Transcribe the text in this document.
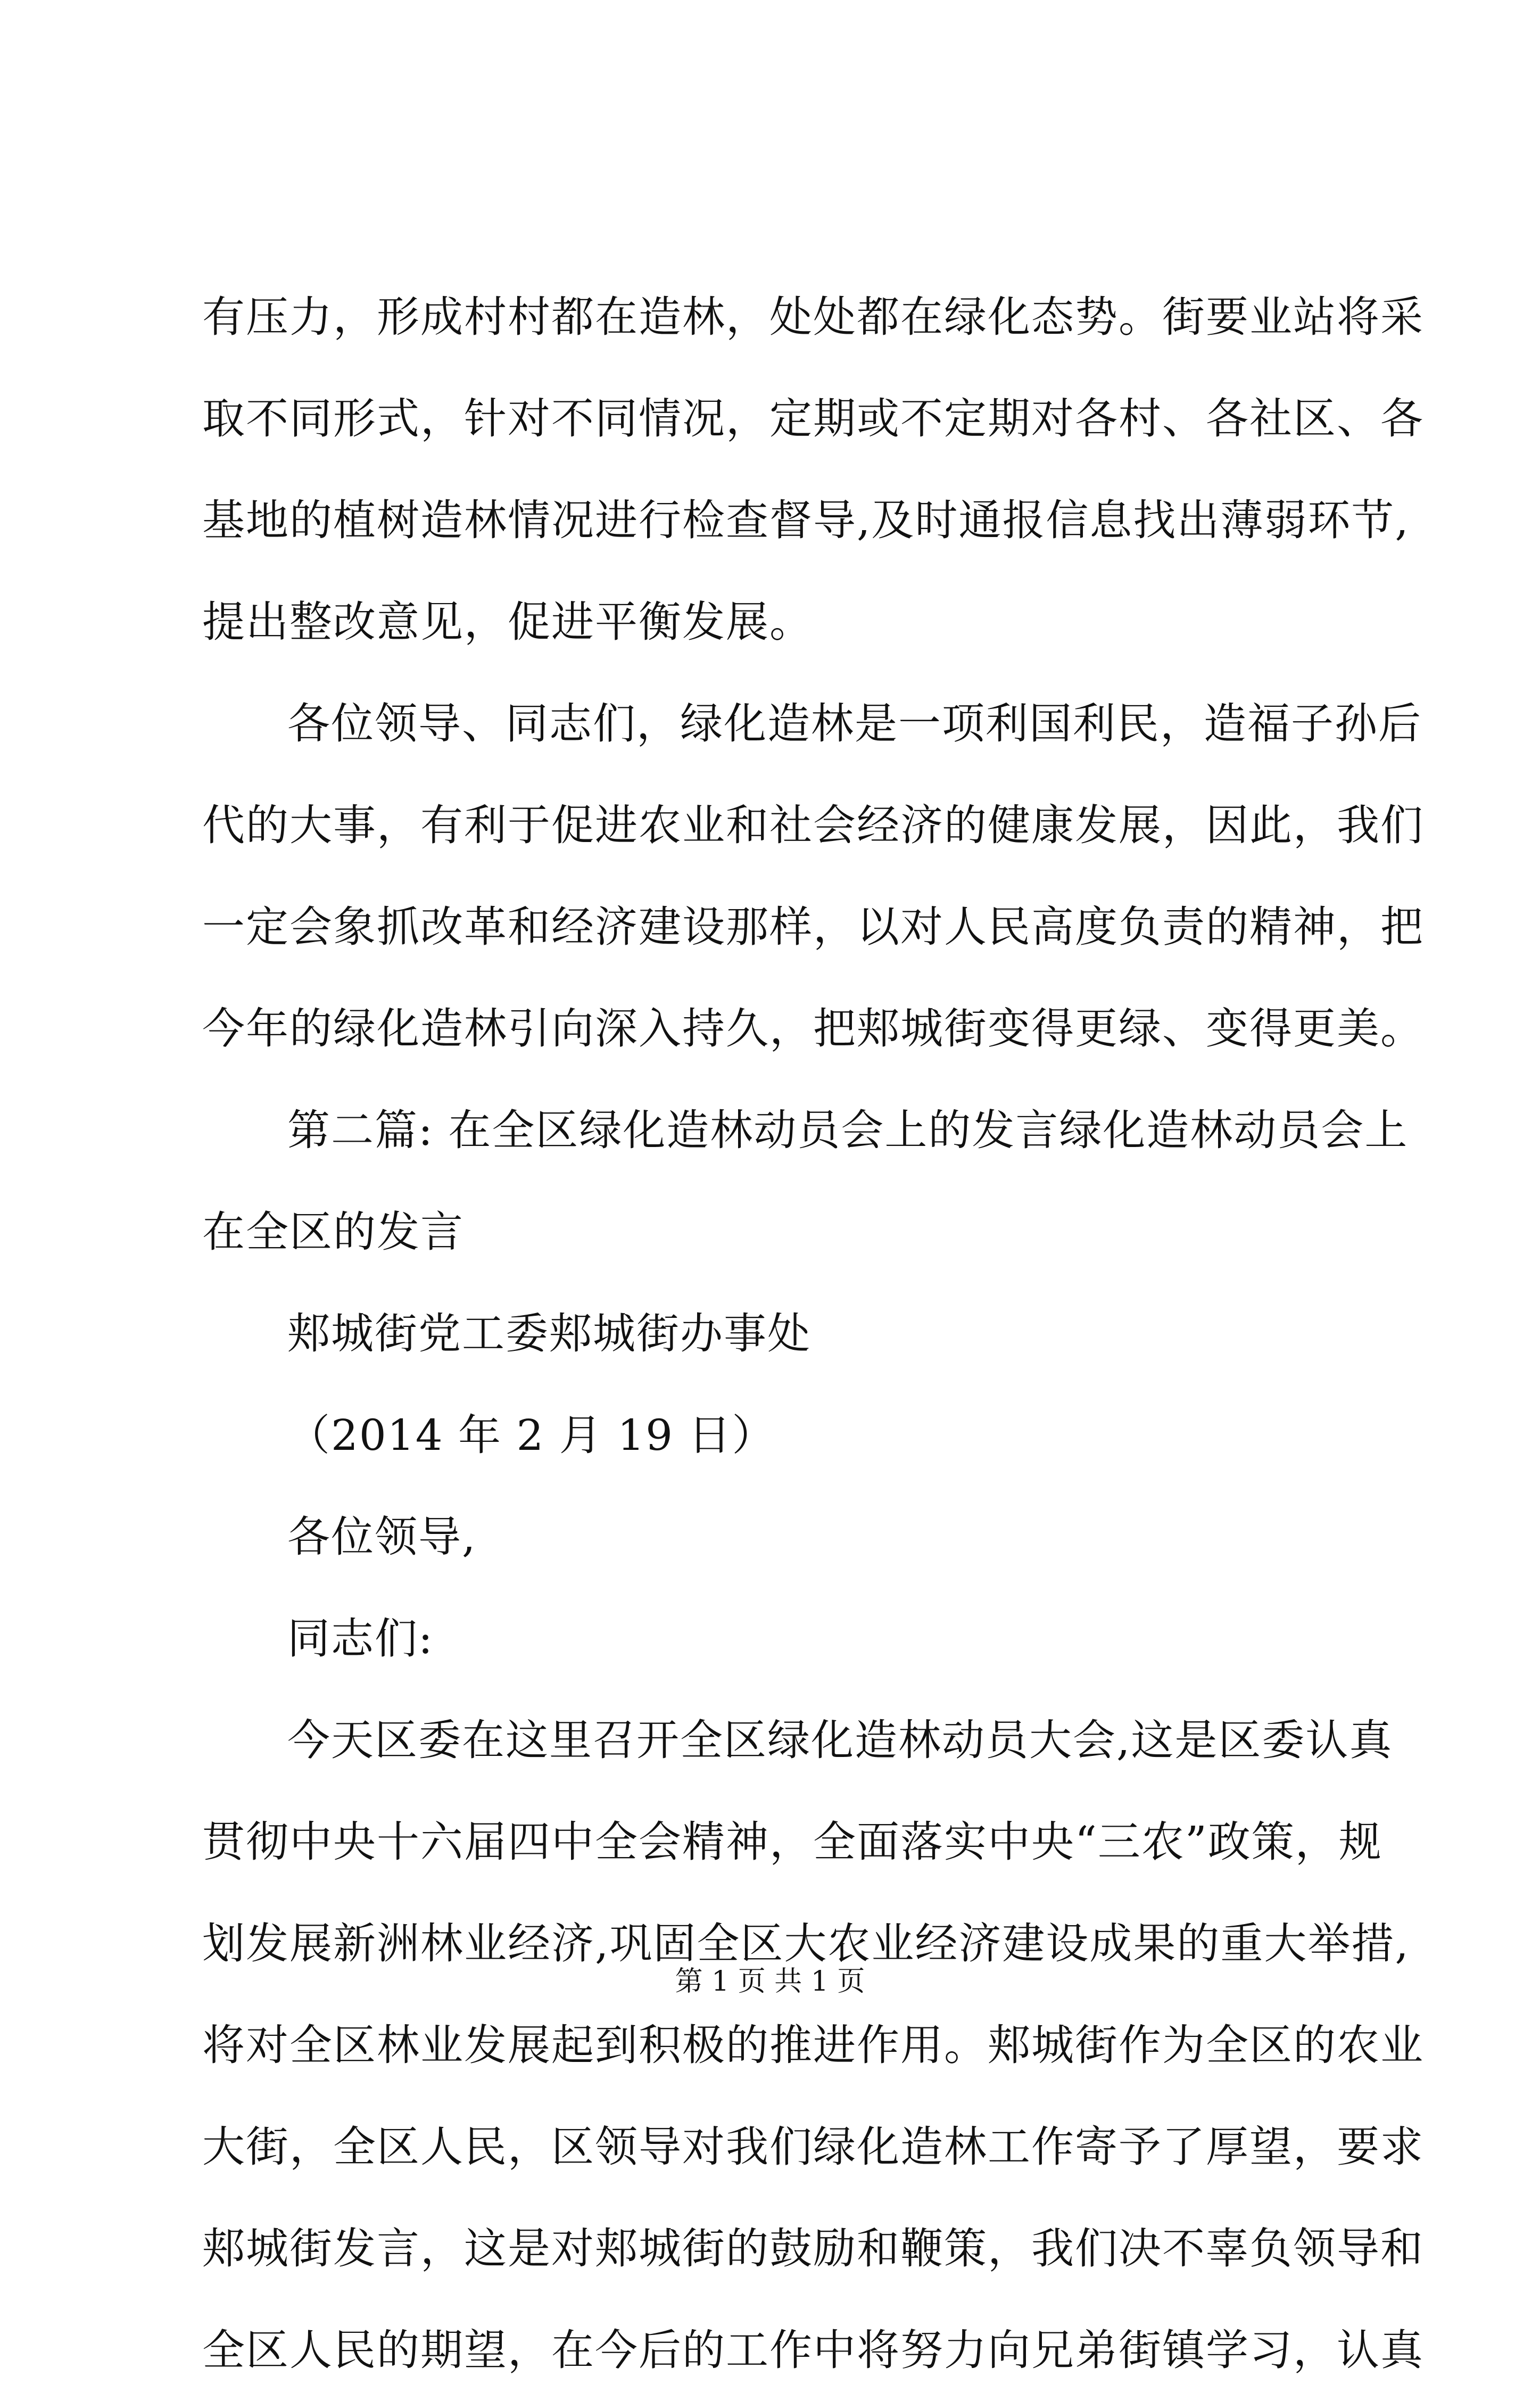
有压力，形成村村都在造林，处处都在绿化态势。街要业站将采
取不同形式，针对不同情况，定期或不定期对各村、各社区、各
基地的植树造林情况进行检查督导,及时通报信息找出薄弱环节,
提出整改意见，促进平衡发展。
各位领导、同志们，绿化造林是一项利国利民，造福子孙后
代的大事，有利于促进农业和社会经济的健康发展，因此，我们
一定会象抓改革和经济建设那样，以对人民高度负责的精神，把
今年的绿化造林引向深入持久，把郏城街变得更绿、变得更美。
第二篇: 在全区绿化造林动员会上的发言绿化造林动员会上
在全区的发言
郏城街党工委郏城街办事处
（2014 年 2 月 19 日）
各位领导,
同志们:
今天区委在这里召开全区绿化造林动员大会,这是区委认真
贯彻中央十六届四中全会精神，全面落实中央“三农”政策，规
划发展新洲林业经济,巩固全区大农业经济建设成果的重大举措,
将对全区林业发展起到积极的推进作用。郏城街作为全区的农业
大街，全区人民，区领导对我们绿化造林工作寄予了厚望，要求
郏城街发言，这是对郏城街的鼓励和鞭策，我们决不辜负领导和
全区人民的期望，在今后的工作中将努力向兄弟街镇学习，认真
第 1 页 共 1 页
